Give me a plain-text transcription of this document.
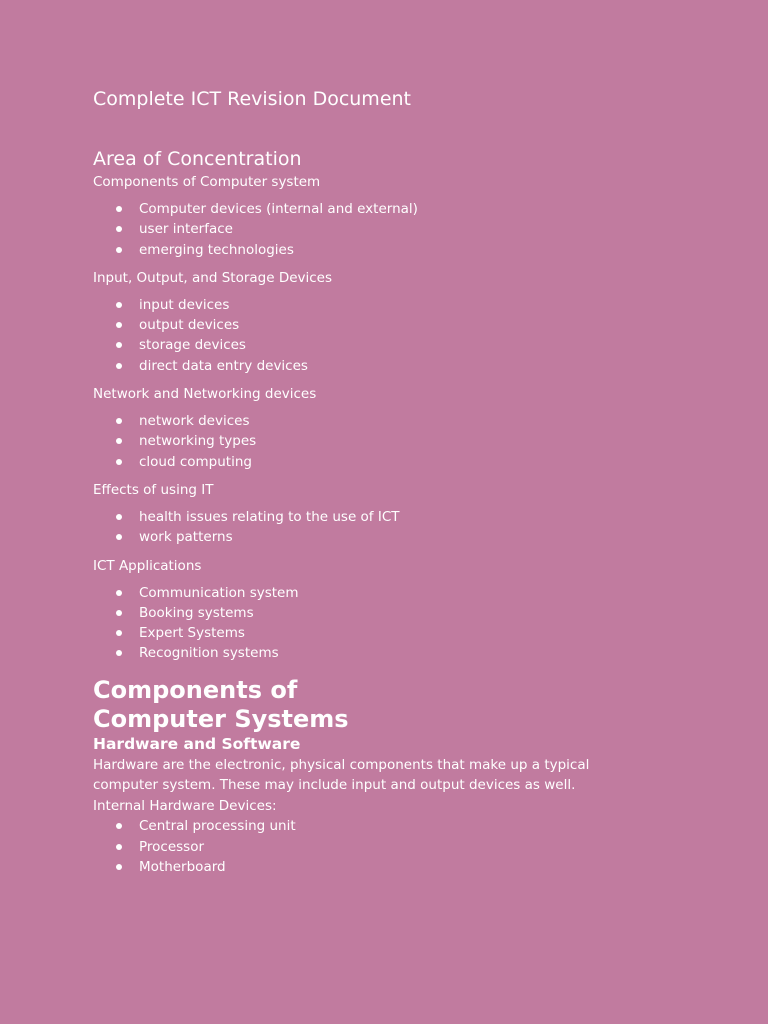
Complete ICT Revision Document
Area of Concentration

Components of Computer system

Computer devices (internal and external)
user interface
emerging technologies

Input, Output, and Storage Devices

input devices
output devices
storage devices
direct data entry devices

Network and Networking devices

network devices
networking types
cloud computing

Effects of using IT

health issues relating to the use of ICT
work patterns

ICT Applications

Communication system
Booking systems
Expert Systems
Recognition systems
Components of Computer Systems
Hardware and Software

Hardware are the electronic, physical components that make up a typical computer system. These may include input and output devices as well.

Internal Hardware Devices:

Central processing unit
Processor
Motherboard
